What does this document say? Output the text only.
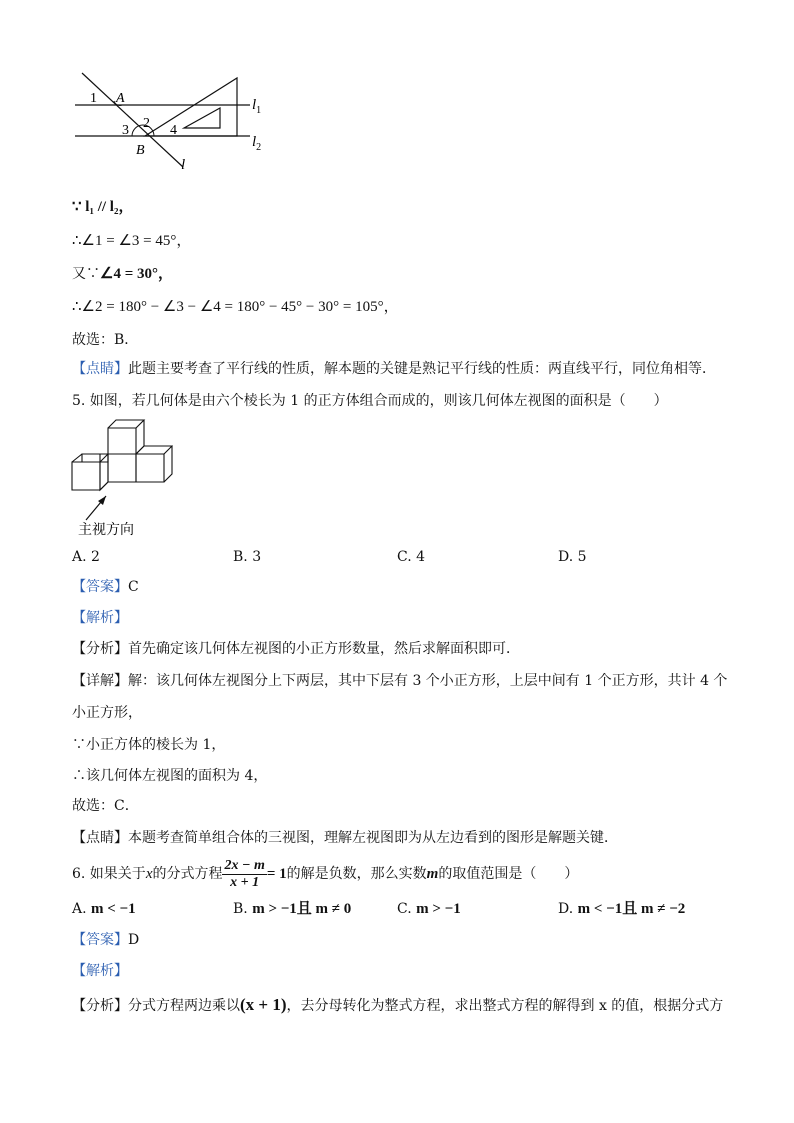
1 A
2
3	4
B
$l_1$
$l_2$
l
∵ l₁ // l₂，
∴∠1 = ∠3 = 45°，
又∵∠4 = 30°，
∴∠2 = 180° − ∠3 − ∠4 = 180° − 45° − 30° = 105°，
故选：B．
【点睛】此题主要考查了平行线的性质，解本题的关键是熟记平行线的性质：两直线平行，同位角相等．
5. 如图，若几何体是由六个棱长为 1 的正方体组合而成的，则该几何体左视图的面积是（　　）
主视方向
A. 2	B. 3	C. 4	D. 5
【答案】C
【解析】
【分析】首先确定该几何体左视图的小正方形数量，然后求解面积即可．
【详解】解：该几何体左视图分上下两层，其中下层有 3 个小正方形，上层中间有 1 个正方形，共计 4 个
小正方形，
∵小正方体的棱长为 1，
∴该几何体左视图的面积为 4，
故选：C．
【点睛】本题考查简单组合体的三视图，理解左视图即为从左边看到的图形是解题关键．
6. 如果关于x的分式方程 $\frac{2x - m}{x + 1} = 1$的解是负数，那么实数m的取值范围是（　　）
A. m < −1	B. m > −1且 m ≠ 0	C. m > −1	D. m < −1且 m ≠ −2
【答案】D
【解析】
【分析】分式方程两边乘以(x + 1)，去分母转化为整式方程，求出整式方程的解得到 x 的值，根据分式方
